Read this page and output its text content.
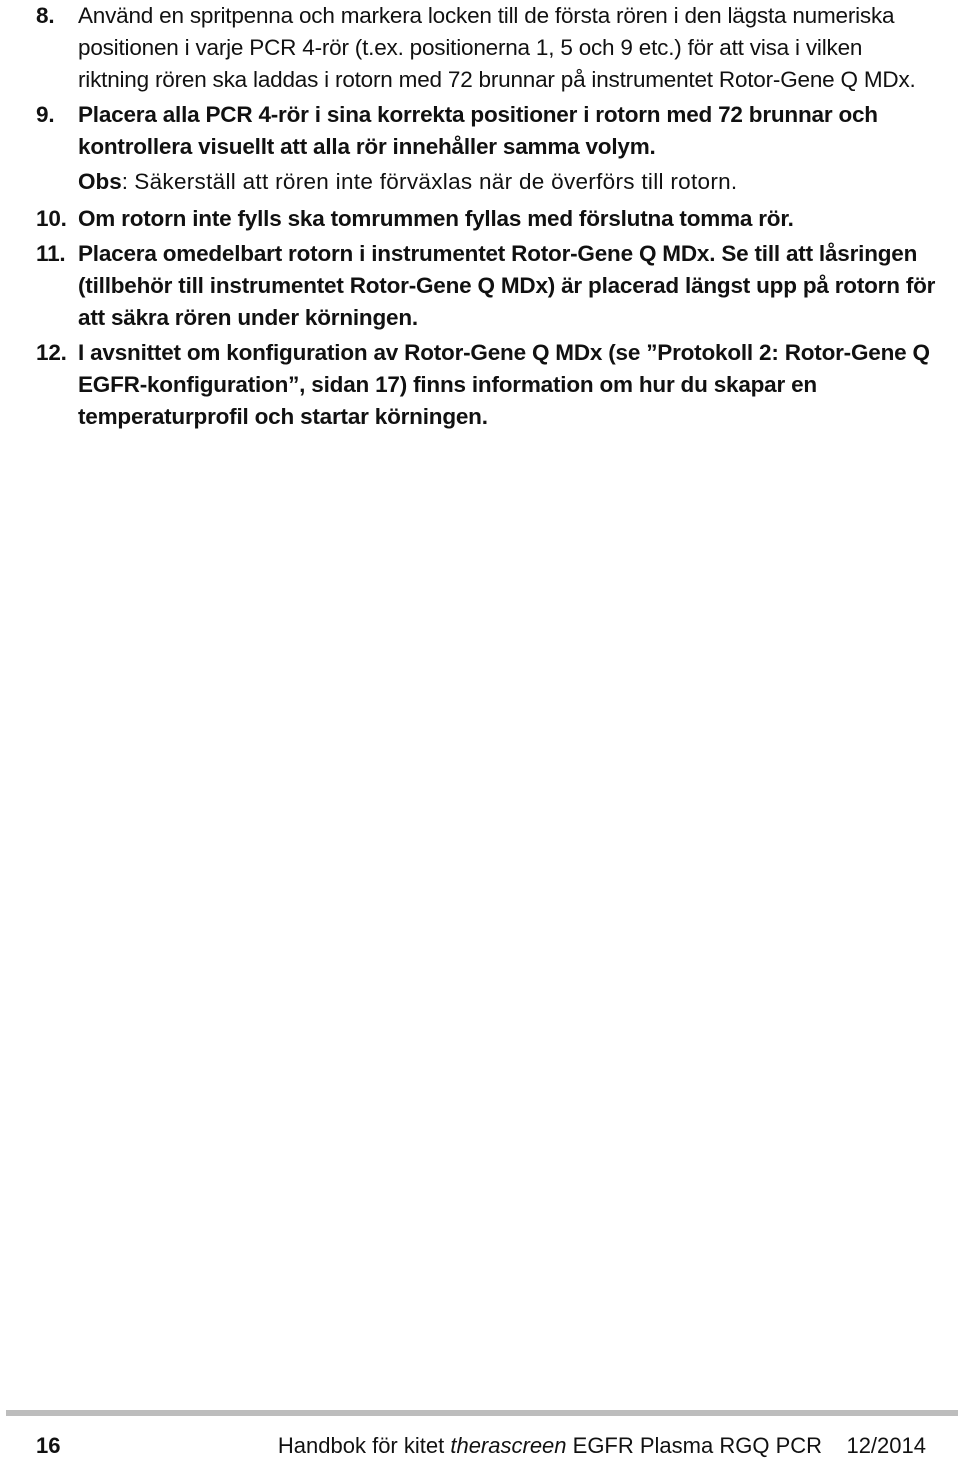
8. Använd en spritpenna och markera locken till de första rören i den lägsta numeriska positionen i varje PCR 4-rör (t.ex. positionerna 1, 5 och 9 etc.) för att visa i vilken riktning rören ska laddas i rotorn med 72 brunnar på instrumentet Rotor-Gene Q MDx.
9. Placera alla PCR 4-rör i sina korrekta positioner i rotorn med 72 brunnar och kontrollera visuellt att alla rör innehåller samma volym.
Obs: Säkerställ att rören inte förväxlas när de överförs till rotorn.
10. Om rotorn inte fylls ska tomrummen fyllas med förslutna tomma rör.
11. Placera omedelbart rotorn i instrumentet Rotor-Gene Q MDx. Se till att låsringen (tillbehör till instrumentet Rotor-Gene Q MDx) är placerad längst upp på rotorn för att säkra rören under körningen.
12. I avsnittet om konfiguration av Rotor-Gene Q MDx (se ”Protokoll 2: Rotor-Gene Q EGFR-konfiguration”, sidan 17) finns information om hur du skapar en temperaturprofil och startar körningen.
16	Handbok för kitet therascreen EGFR Plasma RGQ PCR    12/2014
